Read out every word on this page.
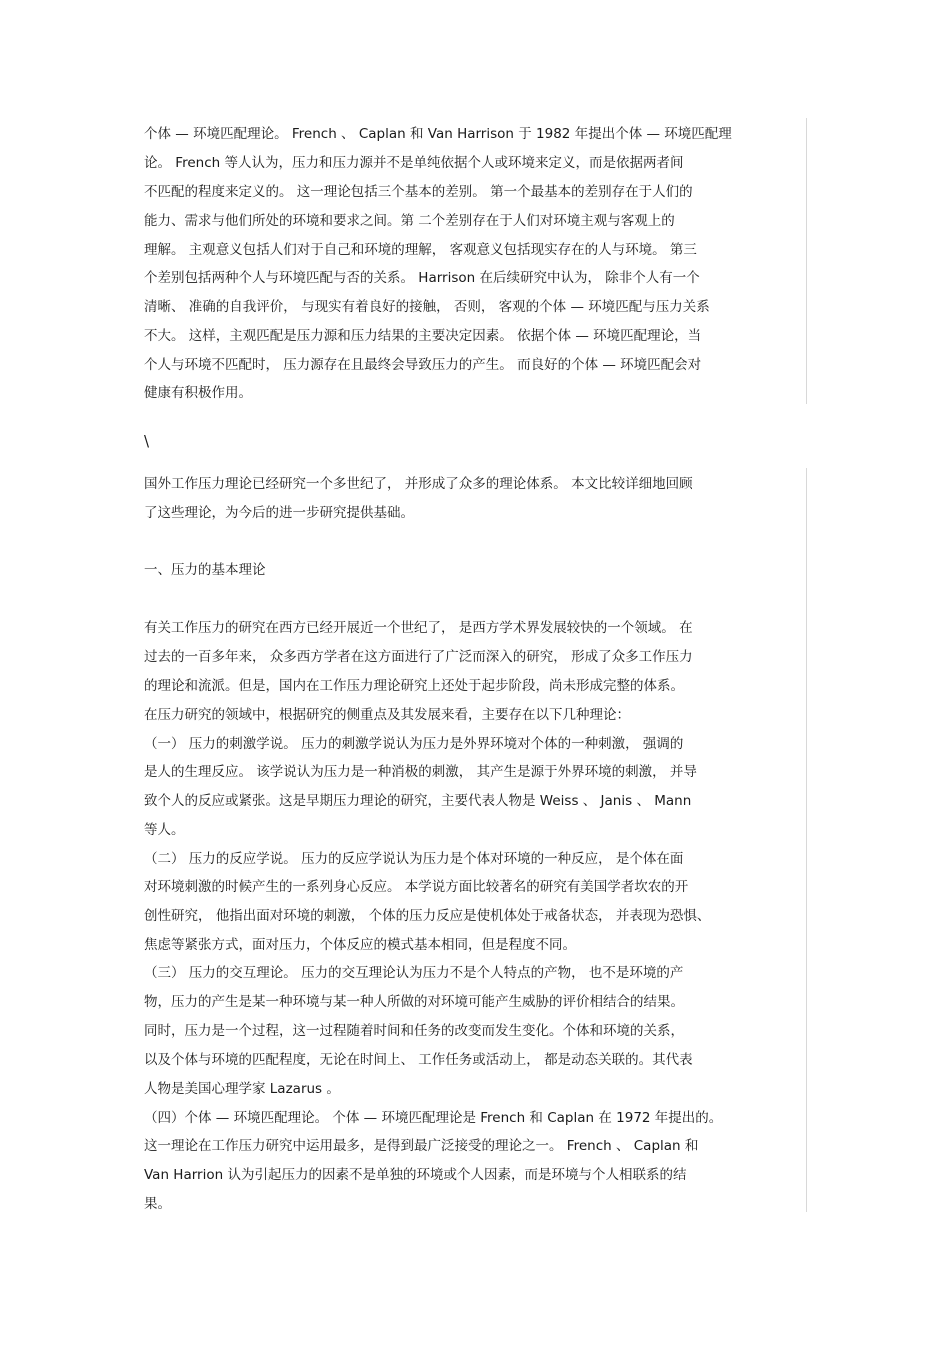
个体 — 环境匹配理论。 French 、 Caplan 和 Van Harrison 于 1982 年提出个体 — 环境匹配理
论。 French 等人认为，压力和压力源并不是单纯依据个人或环境来定义，而是依据两者间
不匹配的程度来定义的。 这一理论包括三个基本的差别。 第一个最基本的差别存在于人们的
能力、需求与他们所处的环境和要求之间。第 二个差别存在于人们对环境主观与客观上的
理解。 主观意义包括人们对于自己和环境的理解， 客观意义包括现实存在的人与环境。 第三
个差别包括两种个人与环境匹配与否的关系。 Harrison 在后续研究中认为， 除非个人有一个
清晰、 准确的自我评价， 与现实有着良好的接触， 否则， 客观的个体 — 环境匹配与压力关系
不大。 这样，主观匹配是压力源和压力结果的主要决定因素。 依据个体 — 环境匹配理论，当
个人与环境不匹配时， 压力源存在且最终会导致压力的产生。 而良好的个体 — 环境匹配会对
健康有积极作用。
\
国外工作压力理论已经研究一个多世纪了， 并形成了众多的理论体系。 本文比较详细地回顾
了这些理论，为今后的进一步研究提供基础。
一、压力的基本理论
有关工作压力的研究在西方已经开展近一个世纪了， 是西方学术界发展较快的一个领域。 在
过去的一百多年来， 众多西方学者在这方面进行了广泛而深入的研究， 形成了众多工作压力
的理论和流派。但是，国内在工作压力理论研究上还处于起步阶段，尚未形成完整的体系。
在压力研究的领域中，根据研究的侧重点及其发展来看，主要存在以下几种理论：
（一） 压力的刺激学说。 压力的刺激学说认为压力是外界环境对个体的一种刺激， 强调的
是人的生理反应。 该学说认为压力是一种消极的刺激， 其产生是源于外界环境的刺激， 并导
致个人的反应或紧张。这是早期压力理论的研究，主要代表人物是 Weiss 、 Janis 、 Mann
等人。
（二） 压力的反应学说。 压力的反应学说认为压力是个体对环境的一种反应， 是个体在面
对环境刺激的时候产生的一系列身心反应。 本学说方面比较著名的研究有美国学者坎农的开
创性研究， 他指出面对环境的刺激， 个体的压力反应是使机体处于戒备状态， 并表现为恐惧、
焦虑等紧张方式，面对压力，个体反应的模式基本相同，但是程度不同。
（三） 压力的交互理论。 压力的交互理论认为压力不是个人特点的产物， 也不是环境的产
物，压力的产生是某一种环境与某一种人所做的对环境可能产生威胁的评价相结合的结果。
同时，压力是一个过程，这一过程随着时间和任务的改变而发生变化。个体和环境的关系，
以及个体与环境的匹配程度，无论在时间上、 工作任务或活动上， 都是动态关联的。其代表
人物是美国心理学家 Lazarus 。
（四）个体 — 环境匹配理论。 个体 — 环境匹配理论是 French 和 Caplan 在 1972 年提出的。
这一理论在工作压力研究中运用最多，是得到最广泛接受的理论之一。 French 、 Caplan 和
Van Harrion 认为引起压力的因素不是单独的环境或个人因素，而是环境与个人相联系的结
果。
